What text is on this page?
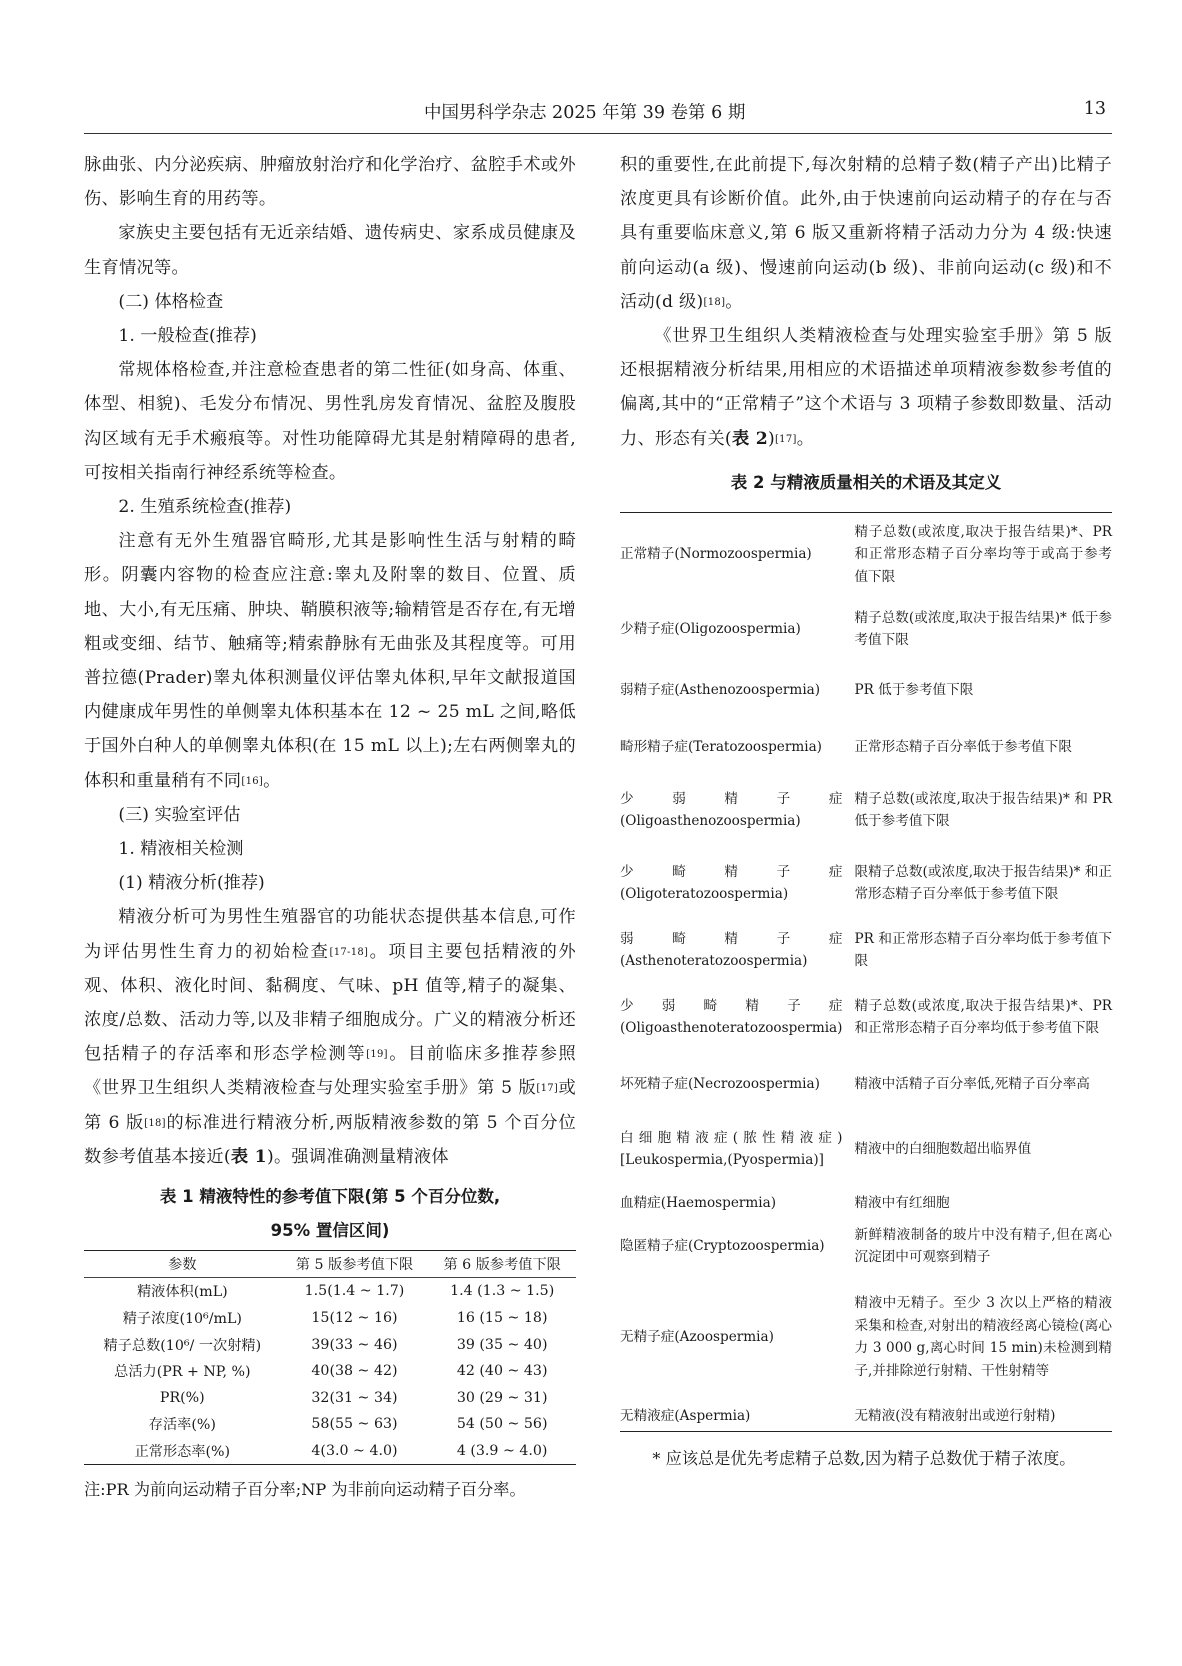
中国男科学杂志 2025 年第 39 卷第 6 期	13

脉曲张、内分泌疾病、肿瘤放射治疗和化学治疗、盆腔手术或外伤、影响生育的用药等。

家族史主要包括有无近亲结婚、遗传病史、家系成员健康及生育情况等。

(二) 体格检查

1. 一般检查(推荐)

常规体格检查,并注意检查患者的第二性征(如身高、体重、体型、相貌)、毛发分布情况、男性乳房发育情况、盆腔及腹股沟区域有无手术瘢痕等。对性功能障碍尤其是射精障碍的患者,可按相关指南行神经系统等检查。

2. 生殖系统检查(推荐)

注意有无外生殖器官畸形,尤其是影响性生活与射精的畸形。阴囊内容物的检查应注意:睾丸及附睾的数目、位置、质地、大小,有无压痛、肿块、鞘膜积液等;输精管是否存在,有无增粗或变细、结节、触痛等;精索静脉有无曲张及其程度等。可用普拉德(Prader)睾丸体积测量仪评估睾丸体积,早年文献报道国内健康成年男性的单侧睾丸体积基本在 12 ~ 25 mL 之间,略低于国外白种人的单侧睾丸体积(在 15 mL 以上);左右两侧睾丸的体积和重量稍有不同[16]。

(三) 实验室评估

1. 精液相关检测

(1) 精液分析(推荐)

精液分析可为男性生殖器官的功能状态提供基本信息,可作为评估男性生育力的初始检查[17-18]。项目主要包括精液的外观、体积、液化时间、黏稠度、气味、pH 值等,精子的凝集、浓度/总数、活动力等,以及非精子细胞成分。广义的精液分析还包括精子的存活率和形态学检测等[19]。目前临床多推荐参照《世界卫生组织人类精液检查与处理实验室手册》第 5 版[17]或第 6 版[18]的标准进行精液分析,两版精液参数的第 5 个百分位数参考值基本接近(表 1)。强调准确测量精液体

表 1 精液特性的参考值下限(第 5 个百分位数,
95% 置信区间)
参数	第 5 版参考值下限	第 6 版参考值下限
精液体积(mL)	1.5(1.4 ~ 1.7)	1.4 (1.3 ~ 1.5)
精子浓度(10⁶/mL)	15(12 ~ 16)	16 (15 ~ 18)
精子总数(10⁶/ 一次射精)	39(33 ~ 46)	39 (35 ~ 40)
总活力(PR + NP, %)	40(38 ~ 42)	42 (40 ~ 43)
PR(%)	32(31 ~ 34)	30 (29 ~ 31)
存活率(%)	58(55 ~ 63)	54 (50 ~ 56)
正常形态率(%)	4(3.0 ~ 4.0)	4 (3.9 ~ 4.0)
注:PR 为前向运动精子百分率;NP 为非前向运动精子百分率。

积的重要性,在此前提下,每次射精的总精子数(精子产出)比精子浓度更具有诊断价值。此外,由于快速前向运动精子的存在与否具有重要临床意义,第 6 版又重新将精子活动力分为 4 级:快速前向运动(a 级)、慢速前向运动(b 级)、非前向运动(c 级)和不活动(d 级)[18]。

《世界卫生组织人类精液检查与处理实验室手册》第 5 版还根据精液分析结果,用相应的术语描述单项精液参数参考值的偏离,其中的“正常精子”这个术语与 3 项精子参数即数量、活动力、形态有关(表 2)[17]。

表 2 与精液质量相关的术语及其定义
正常精子(Normozoospermia)	精子总数(或浓度,取决于报告结果)*、PR 和正常形态精子百分率均等于或高于参考值下限
少精子症(Oligozoospermia)	精子总数(或浓度,取决于报告结果)* 低于参考值下限
弱精子症(Asthenozoospermia)	PR 低于参考值下限
畸形精子症(Teratozoospermia)	正常形态精子百分率低于参考值下限
少弱精子症(Oligoasthenozoospermia)	精子总数(或浓度,取决于报告结果)* 和 PR 低于参考值下限
少畸精子症(Oligoteratozoospermia)	限精子总数(或浓度,取决于报告结果)* 和正常形态精子百分率低于参考值下限
弱畸精子症(Asthenoteratozoospermia)	PR 和正常形态精子百分率均低于参考值下限
少弱畸精子症(Oligoasthenoteratozoospermia)	精子总数(或浓度,取决于报告结果)*、PR 和正常形态精子百分率均低于参考值下限
坏死精子症(Necrozoospermia)	精液中活精子百分率低,死精子百分率高
白细胞精液症(脓性精液症)[Leukospermia,(Pyospermia)]	精液中的白细胞数超出临界值
血精症(Haemospermia)	精液中有红细胞
隐匿精子症(Cryptozoospermia)	新鲜精液制备的玻片中没有精子,但在离心沉淀团中可观察到精子
无精子症(Azoospermia)	精液中无精子。至少 3 次以上严格的精液采集和检查,对射出的精液经离心镜检(离心力 3 000 g,离心时间 15 min)未检测到精子,并排除逆行射精、干性射精等
无精液症(Aspermia)	无精液(没有精液射出或逆行射精)
* 应该总是优先考虑精子总数,因为精子总数优于精子浓度。
